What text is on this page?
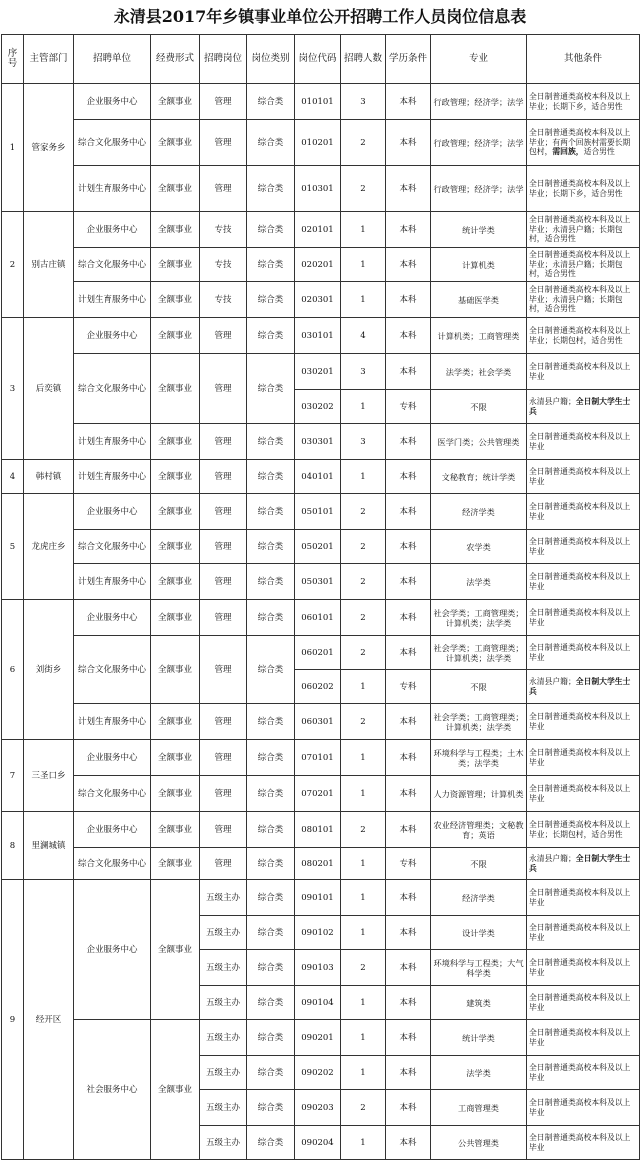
永清县2017年乡镇事业单位公开招聘工作人员岗位信息表
序号	主管部门	招聘单位	经费形式	招聘岗位	岗位类别	岗位代码	招聘人数	学历条件	专业	其他条件
1	管家务乡	企业服务中心	全额事业	管理	综合类	010101	3	本科	行政管理；经济学；法学	全日制普通类高校本科及以上毕业；长期下乡，适合男性
		综合文化服务中心	全额事业	管理	综合类	010201	2	本科	行政管理；经济学；法学	全日制普通类高校本科及以上毕业；有两个回族村需要长期包村，需回族，适合男性
		计划生育服务中心	全额事业	管理	综合类	010301	2	本科	行政管理；经济学；法学	全日制普通类高校本科及以上毕业；长期下乡，适合男性
2	别古庄镇	企业服务中心	全额事业	专技	综合类	020101	1	本科	统计学类	全日制普通类高校本科及以上毕业；永清县户籍；长期包村，适合男性
		综合文化服务中心	全额事业	专技	综合类	020201	1	本科	计算机类	全日制普通类高校本科及以上毕业；永清县户籍；长期包村，适合男性
		计划生育服务中心	全额事业	专技	综合类	020301	1	本科	基础医学类	全日制普通类高校本科及以上毕业；永清县户籍；长期包村，适合男性
3	后奕镇	企业服务中心	全额事业	管理	综合类	030101	4	本科	计算机类；工商管理类	全日制普通类高校本科及以上毕业；长期包村，适合男性
		综合文化服务中心	全额事业	管理	综合类	030201	3	本科	法学类；社会学类	全日制普通类高校本科及以上毕业
						030202	1	专科	不限	永清县户籍；全日制大学生士兵
		计划生育服务中心	全额事业	管理	综合类	030301	3	本科	医学门类；公共管理类	全日制普通类高校本科及以上毕业
4	韩村镇	计划生育服务中心	全额事业	管理	综合类	040101	1	本科	文秘教育；统计学类	全日制普通类高校本科及以上毕业
5	龙虎庄乡	企业服务中心	全额事业	管理	综合类	050101	2	本科	经济学类	全日制普通类高校本科及以上毕业
		综合文化服务中心	全额事业	管理	综合类	050201	2	本科	农学类	全日制普通类高校本科及以上毕业
		计划生育服务中心	全额事业	管理	综合类	050301	2	本科	法学类	全日制普通类高校本科及以上毕业
6	刘街乡	企业服务中心	全额事业	管理	综合类	060101	2	本科	社会学类；工商管理类；计算机类；法学类	全日制普通类高校本科及以上毕业
		综合文化服务中心	全额事业	管理	综合类	060201	2	本科	社会学类；工商管理类；计算机类；法学类	全日制普通类高校本科及以上毕业
						060202	1	专科	不限	永清县户籍；全日制大学生士兵
		计划生育服务中心	全额事业	管理	综合类	060301	2	本科	社会学类；工商管理类；计算机类；法学类	全日制普通类高校本科及以上毕业
7	三圣口乡	企业服务中心	全额事业	管理	综合类	070101	1	本科	环境科学与工程类；土木类；法学类	全日制普通类高校本科及以上毕业
		综合文化服务中心	全额事业	管理	综合类	070201	1	本科	人力资源管理；计算机类	全日制普通类高校本科及以上毕业
8	里澜城镇	企业服务中心	全额事业	管理	综合类	080101	2	本科	农业经济管理类；文秘教育；英语	全日制普通类高校本科及以上毕业；长期包村，适合男性
		综合文化服务中心	全额事业	管理	综合类	080201	1	专科	不限	永清县户籍；全日制大学生士兵
9	经开区	企业服务中心	全额事业	五级主办	综合类	090101	1	本科	经济学类	全日制普通类高校本科及以上毕业
				五级主办	综合类	090102	1	本科	设计学类	全日制普通类高校本科及以上毕业
				五级主办	综合类	090103	2	本科	环境科学与工程类；大气科学类	全日制普通类高校本科及以上毕业
				五级主办	综合类	090104	1	本科	建筑类	全日制普通类高校本科及以上毕业
		社会服务中心	全额事业	五级主办	综合类	090201	1	本科	统计学类	全日制普通类高校本科及以上毕业
				五级主办	综合类	090202	1	本科	法学类	全日制普通类高校本科及以上毕业
				五级主办	综合类	090203	2	本科	工商管理类	全日制普通类高校本科及以上毕业
				五级主办	综合类	090204	1	本科	公共管理类	全日制普通类高校本科及以上毕业
